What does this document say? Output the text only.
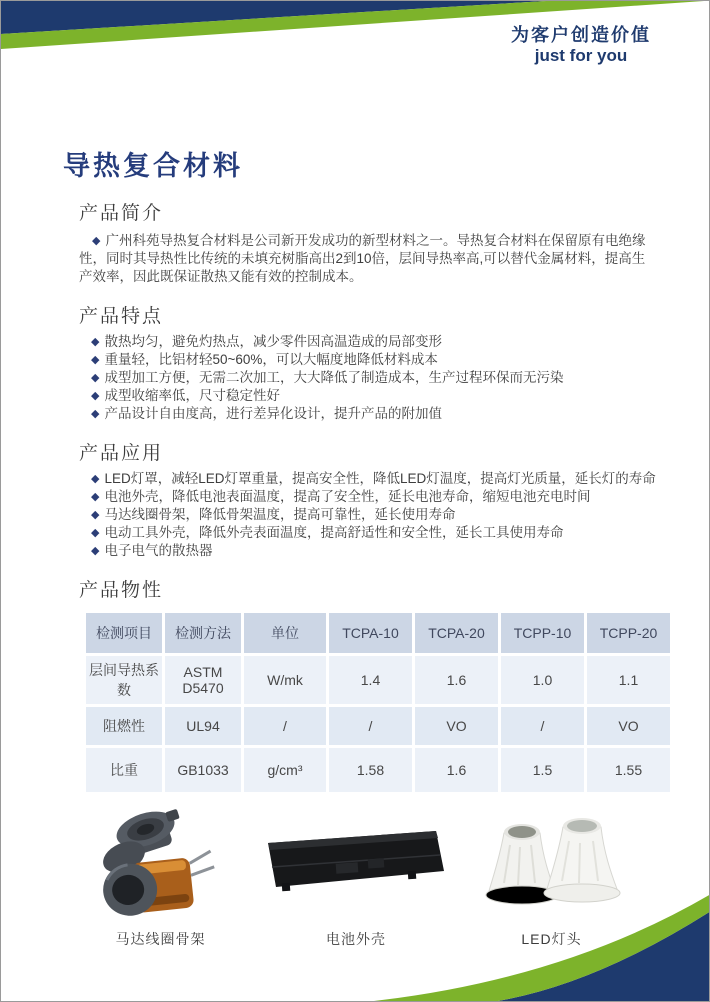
为客户创造价值
just for you
导热复合材料
产品简介

◆ 广州科苑导热复合材料是公司新开发成功的新型材料之一。导热复合材料在保留原有电绝缘性，同时其导热性比传统的未填充树脂高出2到10倍，层间导热率高,可以替代金属材料，提高生产效率，因此既保证散热又能有效的控制成本。

产品特点
◆ 散热均匀，避免灼热点，减少零件因高温造成的局部变形
◆ 重量轻，比铝材轻50~60%，可以大幅度地降低材料成本
◆ 成型加工方便，无需二次加工，大大降低了制造成本，生产过程环保而无污染
◆ 成型收缩率低，尺寸稳定性好
◆ 产品设计自由度高，进行差异化设计，提升产品的附加值
产品应用
◆ LED灯罩，减轻LED灯罩重量，提高安全性，降低LED灯温度，提高灯光质量，延长灯的寿命
◆ 电池外壳，降低电池表面温度，提高了安全性，延长电池寿命，缩短电池充电时间
◆ 马达线圈骨架，降低骨架温度，提高可靠性，延长使用寿命
◆ 电动工具外壳，降低外壳表面温度，提高舒适性和安全性，延长工具使用寿命
◆ 电子电气的散热器
产品物性
检测项目	检测方法	单位	TCPA-10	TCPA-20	TCPP-10	TCPP-20
层间导热系数	ASTM D5470	W/mk	1.4	1.6	1.0	1.1
阻燃性	UL94	/	/	VO	/	VO
比重	GB1033	g/cm³	1.58	1.6	1.5	1.55
马达线圈骨架	电池外壳	LED灯头
